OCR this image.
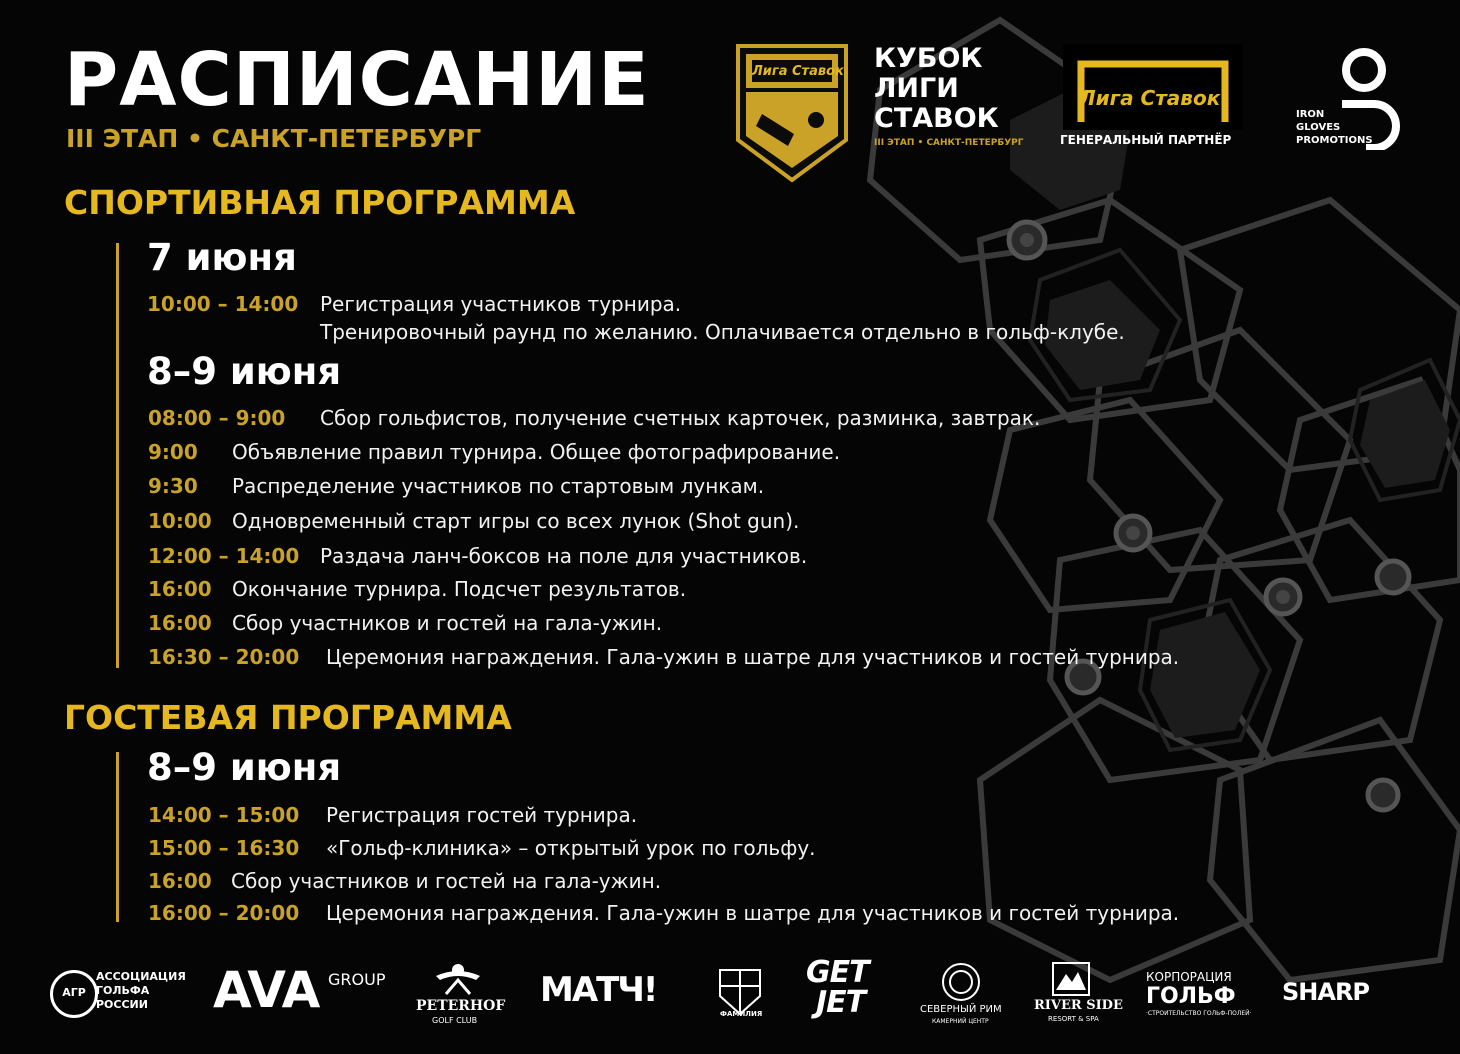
РАСПИСАНИЕ
III ЭТАП • САНКТ-ПЕТЕРБУРГ
Лига Ставок КУБОК
ЛИГИ
СТАВОК
III ЭТАП • САНКТ-ПЕТЕРБУРГ
Лига Ставок
ГЕНЕРАЛЬНЫЙ ПАРТНЁР
IRON
GLOVES
PROMOTIONS
СПОРТИВНАЯ ПРОГРАММА
7 июня
10:00 – 14:00 Регистрация участников турнира.
Тренировочный раунд по желанию. Оплачивается отдельно в гольф-клубе.
8–9 июня
08:00 – 9:00 Сбор гольфистов, получение счетных карточек, разминка, завтрак.
9:00 Объявление правил турнира. Общее фотографирование.
9:30 Распределение участников по стартовым лункам.
10:00 Одновременный старт игры со всех лунок (Shot gun).
12:00 – 14:00 Раздача ланч-боксов на поле для участников.
16:00 Окончание турнира. Подсчет результатов.
16:00 Сбор участников и гостей на гала-ужин.
16:30 – 20:00 Церемония награждения. Гала-ужин в шатре для участников и гостей турнира.
ГОСТЕВАЯ ПРОГРАММА
8–9 июня
14:00 – 15:00 Регистрация гостей турнира.
15:00 – 16:30 «Гольф-клиника» – открытый урок по гольфу.
16:00 Сбор участников и гостей на гала-ужин.
16:00 – 20:00 Церемония награждения. Гала-ужин в шатре для участников и гостей турнира.
АГР
АССОЦИАЦИЯ
ГОЛЬФА
РОССИИ	AVA GROUP
PETERHOF
GOLF CLUB
МАТЧ!
ФАМИЛИЯ
GET
JET	СЕВЕРНЫЙ РИМ
КАМЕРНИЙ ЦЕНТР
RIVER SIDE
RESORT & SPA
КОРПОРАЦИЯ
ГОЛЬФ
·СТРОИТЕЛЬСТВО ГОЛЬФ-ПОЛЕЙ·
SHARP
